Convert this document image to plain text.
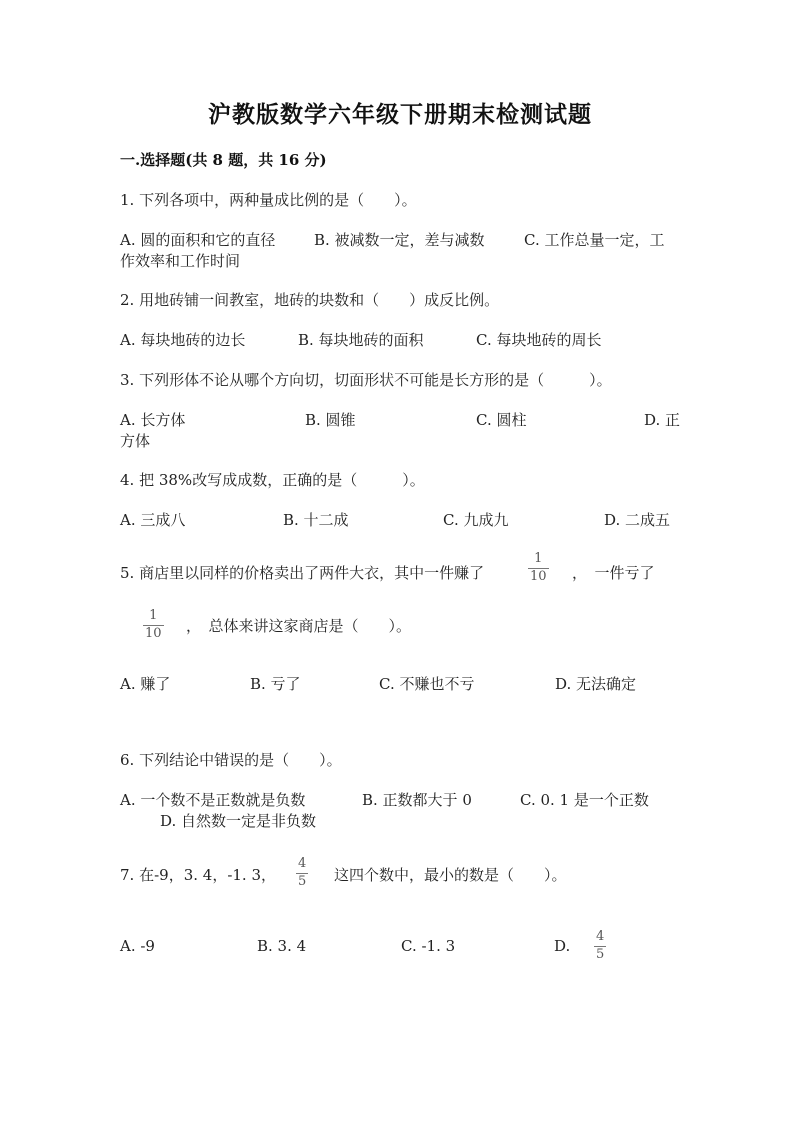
沪教版数学六年级下册期末检测试题
一.选择题(共 8 题，共 16 分)
1. 下列各项中，两种量成比例的是（　　）。
A. 圆的面积和它的直径	B. 被减数一定，差与减数	C. 工作总量一定，工
作效率和工作时间
2. 用地砖铺一间教室，地砖的块数和（　　）成反比例。
A. 每块地砖的边长	B. 每块地砖的面积	C. 每块地砖的周长
3. 下列形体不论从哪个方向切，切面形状不可能是长方形的是（　　　）。
A. 长方体	B. 圆锥	C. 圆柱	D. 正
方体
4. 把 38%改写成成数，正确的是（　　　）。
A. 三成八	B. 十二成	C. 九成九	D. 二成五
5. 商店里以同样的价格卖出了两件大衣，其中一件赚了
1
10 ，　一件亏了
1
10 ，　总体来讲这家商店是（　　）。
A. 赚了	B. 亏了	C. 不赚也不亏	D. 无法确定
6. 下列结论中错误的是（　　）。
A. 一个数不是正数就是负数	B. 正数都大于 0	C. 0. 1 是一个正数
D. 自然数一定是非负数
7. 在-9，3. 4，-1. 3，
4
5 这四个数中，最小的数是（　　）。
A. -9	B. 3. 4	C. -1. 3	D.
4
5
